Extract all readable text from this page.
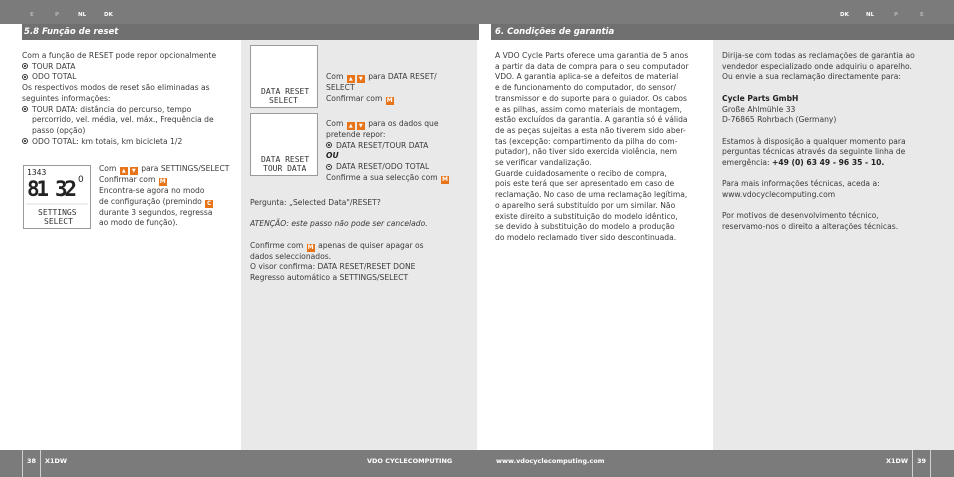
E	P	NL	DK	DK	NL	P	E
5.8 Função de reset	6. Condições de garantia

Com a função de RESET pode repor opcionalmente

TOUR DATA

ODO TOTAL

Os respectivos modos de reset são eliminadas as

seguintes informações:

TOUR DATA: distância do percurso, tempo

percorrido, vel. média, vel. máx., Frequência de

passo (opção)

ODO TOTAL: km totais, km bicicleta 1/2

1343
81 32 0
SETTINGS
SELECT

Com ▲ ▼ para SETTINGS/SELECT

Confirmar com M

Encontra-se agora no modo

de configuração (premindo C

durante 3 segundos, regressa

ao modo de função).

DATA RESET
SELECT
DATA RESET
TOUR DATA

Com ▲ ▼ para DATA RESET/

SELECT

Confirmar com M

Com ▲ ▼ para os dados que

pretende repor:

DATA RESET/TOUR DATA

OU

DATA RESET/ODO TOTAL

Confirme a sua selecção com M

Pergunta: „Selected Data"/RESET?

ATENÇÃO: este passo não pode ser cancelado.

Confirme com M apenas de quiser apagar os

dados seleccionados.

O visor confirma: DATA RESET/RESET DONE

Regresso automático a SETTINGS/SELECT

A VDO Cycle Parts oferece uma garantia de 5 anos

a partir da data de compra para o seu computador

VDO. A garantia aplica-se a defeitos de material

e de funcionamento do computador, do sensor/

transmissor e do suporte para o guiador. Os cabos

e as pilhas, assim como materiais de montagem,

estão excluídos da garantia. A garantia só é válida

de as peças sujeitas a esta não tiverem sido aber-

tas (excepção: compartimento da pilha do com-

putador), não tiver sido exercida violência, nem

se verificar vandalização.

Guarde cuidadosamente o recibo de compra,

pois este terá que ser apresentado em caso de

reclamação. No caso de uma reclamação legítima,

o aparelho será substituído por um similar. Não

existe direito a substituição do modelo idêntico,

se devido à substituição do modelo a produção

do modelo reclamado tiver sido descontinuada.

Dirija-se com todas as reclamações de garantia ao

vendedor especializado onde adquiriu o aparelho.

Ou envie a sua reclamação directamente para:

Cycle Parts GmbH

Große Ahlmühle 33

D-76865 Rohrbach (Germany)

Estamos à disposição a qualquer momento para

perguntas técnicas através da seguinte linha de

emergência: +49 (0) 63 49 - 96 35 - 10.

Para mais informações técnicas, aceda a:

www.vdocyclecomputing.com

Por motivos de desenvolvimento técnico,

reservamo-nos o direito a alterações técnicas.

38 X1DW	VDO CYCLECOMPUTING	www.vdocyclecomputing.com	X1DW 39
